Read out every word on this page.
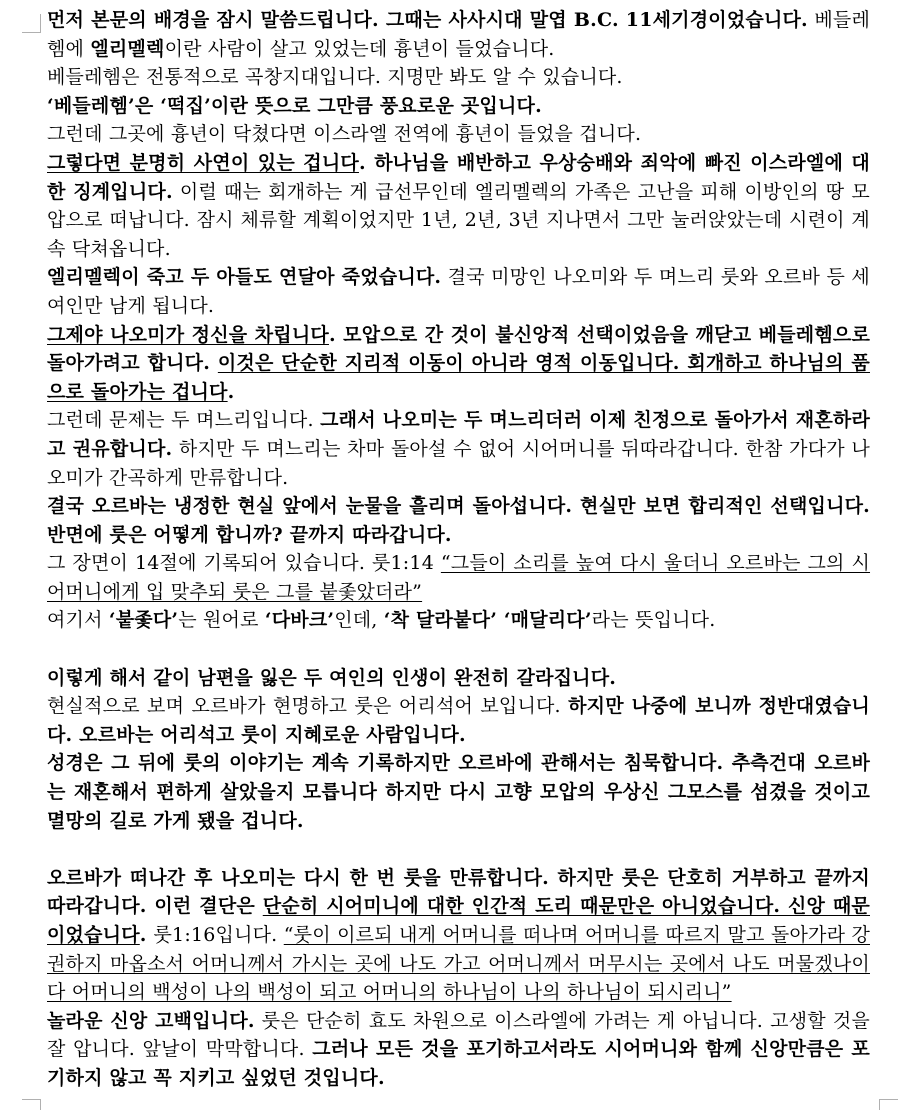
먼저 본문의 배경을 잠시 말씀드립니다. 그때는 사사시대 말엽 B.C. 11세기경이었습니다. 베들레헴에 엘리멜렉이란 사람이 살고 있었는데 흉년이 들었습니다.

베들레헴은 전통적으로 곡창지대입니다. 지명만 봐도 알 수 있습니다.

‘베들레헴’은 ‘떡집’이란 뜻으로 그만큼 풍요로운 곳입니다.

그런데 그곳에 흉년이 닥쳤다면 이스라엘 전역에 흉년이 들었을 겁니다.

그렇다면 분명히 사연이 있는 겁니다. 하나님을 배반하고 우상숭배와 죄악에 빠진 이스라엘에 대한 징계입니다. 이럴 때는 회개하는 게 급선무인데 엘리멜렉의 가족은 고난을 피해 이방인의 땅 모압으로 떠납니다. 잠시 체류할 계획이었지만 1년, 2년, 3년 지나면서 그만 눌러앉았는데 시련이 계속 닥쳐옵니다.

엘리멜렉이 죽고 두 아들도 연달아 죽었습니다. 결국 미망인 나오미와 두 며느리 룻와 오르바 등 세 여인만 남게 됩니다.

그제야 나오미가 정신을 차립니다. 모압으로 간 것이 불신앙적 선택이었음을 깨닫고 베들레헴으로 돌아가려고 합니다. 이것은 단순한 지리적 이동이 아니라 영적 이동입니다. 회개하고 하나님의 품으로 돌아가는 겁니다.

그런데 문제는 두 며느리입니다. 그래서 나오미는 두 며느리더러 이제 친정으로 돌아가서 재혼하라고 권유합니다. 하지만 두 며느리는 차마 돌아설 수 없어 시어머니를 뒤따라갑니다. 한참 가다가 나오미가 간곡하게 만류합니다.

결국 오르바는 냉정한 현실 앞에서 눈물을 흘리며 돌아섭니다. 현실만 보면 합리적인 선택입니다. 반면에 룻은 어떻게 합니까? 끝까지 따라갑니다.

그 장면이 14절에 기록되어 있습니다. 룻1:14 “그들이 소리를 높여 다시 울더니 오르바는 그의 시어머니에게 입 맞추되 룻은 그를 붙좇았더라”

여기서 ‘붙좇다’는 원어로 ‘다바크’인데, ‘착 달라붙다’ ‘매달리다’라는 뜻입니다.

이렇게 해서 같이 남편을 잃은 두 여인의 인생이 완전히 갈라집니다.

현실적으로 보며 오르바가 현명하고 룻은 어리석어 보입니다. 하지만 나중에 보니까 정반대였습니다. 오르바는 어리석고 룻이 지혜로운 사람입니다.

성경은 그 뒤에 룻의 이야기는 계속 기록하지만 오르바에 관해서는 침묵합니다. 추측건대 오르바는 재혼해서 편하게 살았을지 모릅니다 하지만 다시 고향 모압의 우상신 그모스를 섬겼을 것이고 멸망의 길로 가게 됐을 겁니다.

오르바가 떠나간 후 나오미는 다시 한 번 룻을 만류합니다. 하지만 룻은 단호히 거부하고 끝까지 따라갑니다. 이런 결단은 단순히 시어미니에 대한 인간적 도리 때문만은 아니었습니다. 신앙 때문이었습니다. 룻1:16입니다. “룻이 이르되 내게 어머니를 떠나며 어머니를 따르지 말고 돌아가라 강권하지 마옵소서 어머니께서 가시는 곳에 나도 가고 어머니께서 머무시는 곳에서 나도 머물겠나이다 어머니의 백성이 나의 백성이 되고 어머니의 하나님이 나의 하나님이 되시리니”

놀라운 신앙 고백입니다. 룻은 단순히 효도 차원으로 이스라엘에 가려는 게 아닙니다. 고생할 것을 잘 압니다. 앞날이 막막합니다. 그러나 모든 것을 포기하고서라도 시어머니와 함께 신앙만큼은 포기하지 않고 꼭 지키고 싶었던 것입니다.
